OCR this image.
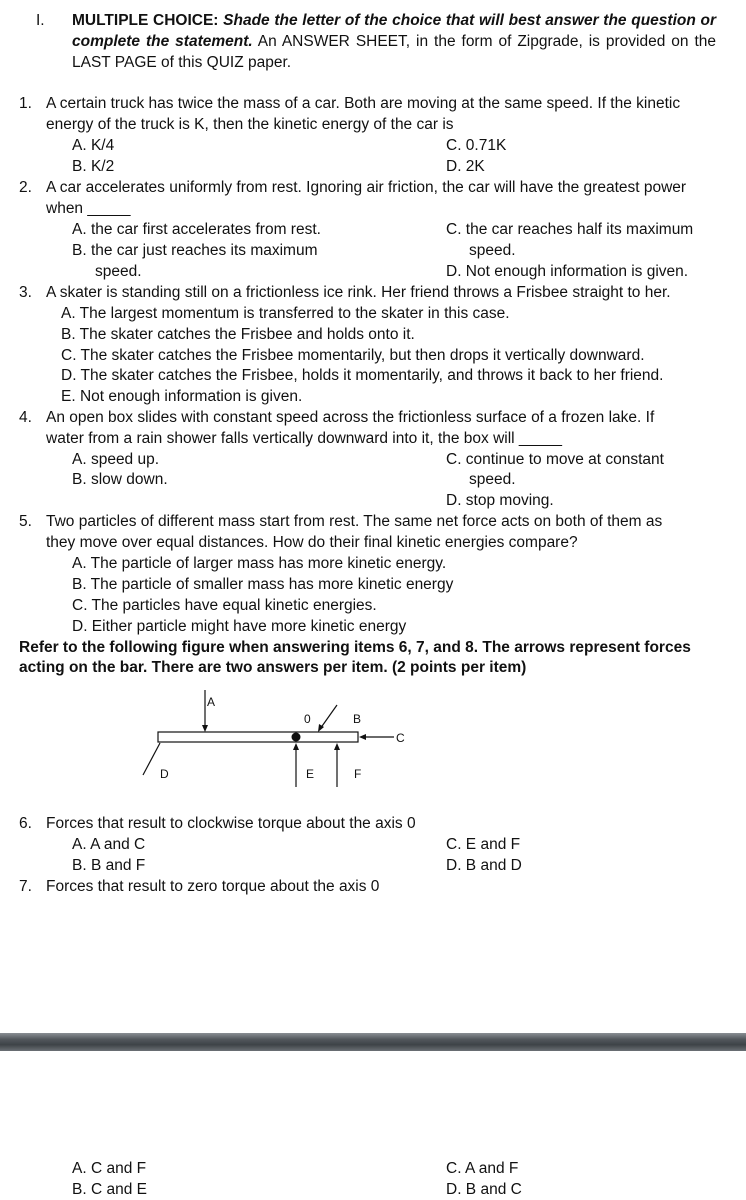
I. MULTIPLE CHOICE: Shade the letter of the choice that will best answer the question or complete the statement. An ANSWER SHEET, in the form of Zipgrade, is provided on the LAST PAGE of this QUIZ paper.
1. A certain truck has twice the mass of a car. Both are moving at the same speed. If the kinetic
energy of the truck is K, then the kinetic energy of the car is
A. K/4
B. K/2
C. 0.71K
D. 2K
2. A car accelerates uniformly from rest. Ignoring air friction, the car will have the greatest power
when _____
A. the car first accelerates from rest.
B. the car just reaches its maximum
speed.
C. the car reaches half its maximum
speed.
D. Not enough information is given.
3. A skater is standing still on a frictionless ice rink. Her friend throws a Frisbee straight to her.
A. The largest momentum is transferred to the skater in this case.
B. The skater catches the Frisbee and holds onto it.
C. The skater catches the Frisbee momentarily, but then drops it vertically downward.
D. The skater catches the Frisbee, holds it momentarily, and throws it back to her friend.
E. Not enough information is given.
4. An open box slides with constant speed across the frictionless surface of a frozen lake. If
water from a rain shower falls vertically downward into it, the box will _____
A. speed up.
B. slow down.
C. continue to move at constant
speed.
D. stop moving.
5. Two particles of different mass start from rest. The same net force acts on both of them as
they move over equal distances. How do their final kinetic energies compare?
A. The particle of larger mass has more kinetic energy.
B. The particle of smaller mass has more kinetic energy
C. The particles have equal kinetic energies.
D. Either particle might have more kinetic energy
Refer to the following figure when answering items 6, 7, and 8. The arrows represent forces
acting on the bar. There are two answers per item. (2 points per item)
A
0	B
C
D	E	F
6. Forces that result to clockwise torque about the axis 0
A. A and C
B. B and F
C. E and F
D. B and D
7. Forces that result to zero torque about the axis 0
A. C and F
B. C and E
C. A and F
D. B and C
